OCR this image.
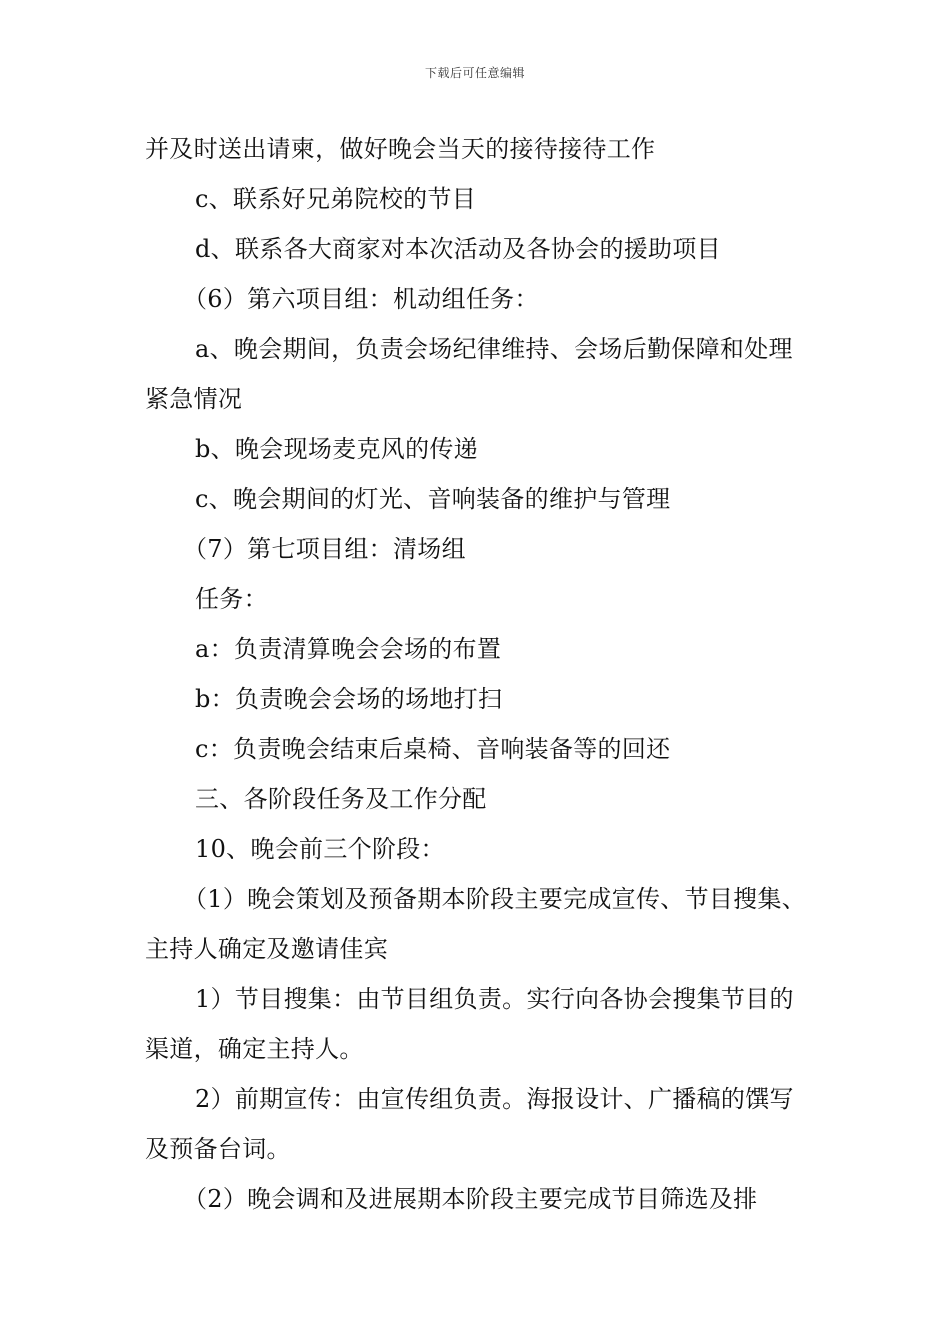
下载后可任意编辑

并及时送出请柬，做好晚会当天的接待接待工作

c、联系好兄弟院校的节目

d、联系各大商家对本次活动及各协会的援助项目

（6）第六项目组：机动组任务：

a、晚会期间，负责会场纪律维持、会场后勤保障和处理紧急情况

b、晚会现场麦克风的传递

c、晚会期间的灯光、音响装备的维护与管理

（7）第七项目组：清场组

任务：

a：负责清算晚会会场的布置

b：负责晚会会场的场地打扫

c：负责晚会结束后桌椅、音响装备等的回还

三、各阶段任务及工作分配

10、晚会前三个阶段：

（1）晚会策划及预备期本阶段主要完成宣传、节目搜集、主持人确定及邀请佳宾

1）节目搜集：由节目组负责。实行向各协会搜集节目的渠道，确定主持人。

2）前期宣传：由宣传组负责。海报设计、广播稿的馔写及预备台词。

（2）晚会调和及进展期本阶段主要完成节目筛选及排
